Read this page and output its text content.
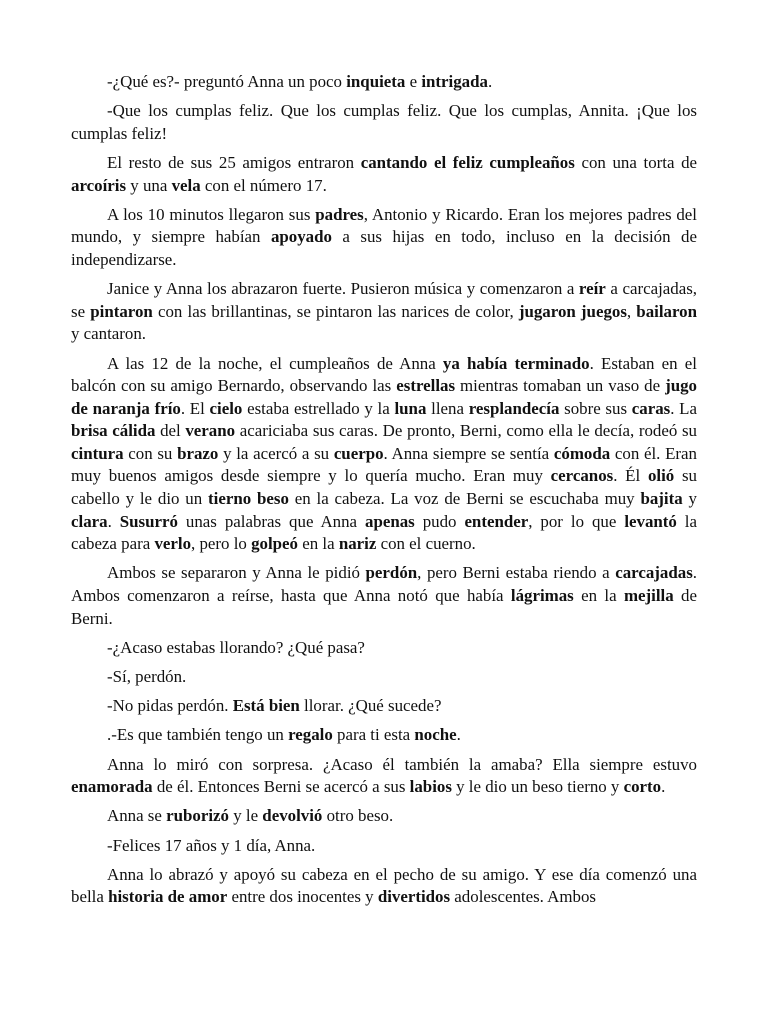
-¿Qué es?- preguntó Anna un poco inquieta e intrigada.

-Que los cumplas feliz. Que los cumplas feliz. Que los cumplas, Annita. ¡Que los cumplas feliz!

El resto de sus 25 amigos entraron cantando el feliz cumpleaños con una torta de arcoíris y una vela con el número 17.

A los 10 minutos llegaron sus padres, Antonio y Ricardo. Eran los mejores padres del mundo, y siempre habían apoyado a sus hijas en todo, incluso en la decisión de independizarse.

Janice y Anna los abrazaron fuerte. Pusieron música y comenzaron a reír a carcajadas, se pintaron con las brillantinas, se pintaron las narices de color, jugaron juegos, bailaron y cantaron.

A las 12 de la noche, el cumpleaños de Anna ya había terminado. Estaban en el balcón con su amigo Bernardo, observando las estrellas mientras tomaban un vaso de jugo de naranja frío. El cielo estaba estrellado y la luna llena resplandecía sobre sus caras. La brisa cálida del verano acariciaba sus caras. De pronto, Berni, como ella le decía, rodeó su cintura con su brazo y la acercó a su cuerpo. Anna siempre se sentía cómoda con él. Eran muy buenos amigos desde siempre y lo quería mucho. Eran muy cercanos. Él olió su cabello y le dio un tierno beso en la cabeza. La voz de Berni se escuchaba muy bajita y clara. Susurró unas palabras que Anna apenas pudo entender, por lo que levantó la cabeza para verlo, pero lo golpeó en la nariz con el cuerno.

Ambos se separaron y Anna le pidió perdón, pero Berni estaba riendo a carcajadas. Ambos comenzaron a reírse, hasta que Anna notó que había lágrimas en la mejilla de Berni.

-¿Acaso estabas llorando? ¿Qué pasa?

-Sí, perdón.

-No pidas perdón. Está bien llorar. ¿Qué sucede?

.-Es que también tengo un regalo para ti esta noche.

Anna lo miró con sorpresa. ¿Acaso él también la amaba? Ella siempre estuvo enamorada de él. Entonces Berni se acercó a sus labios y le dio un beso tierno y corto.

Anna se ruborizó y le devolvió otro beso.

-Felices 17 años y 1 día, Anna.

Anna lo abrazó y apoyó su cabeza en el pecho de su amigo. Y ese día comenzó una bella historia de amor entre dos inocentes y divertidos adolescentes. Ambos
